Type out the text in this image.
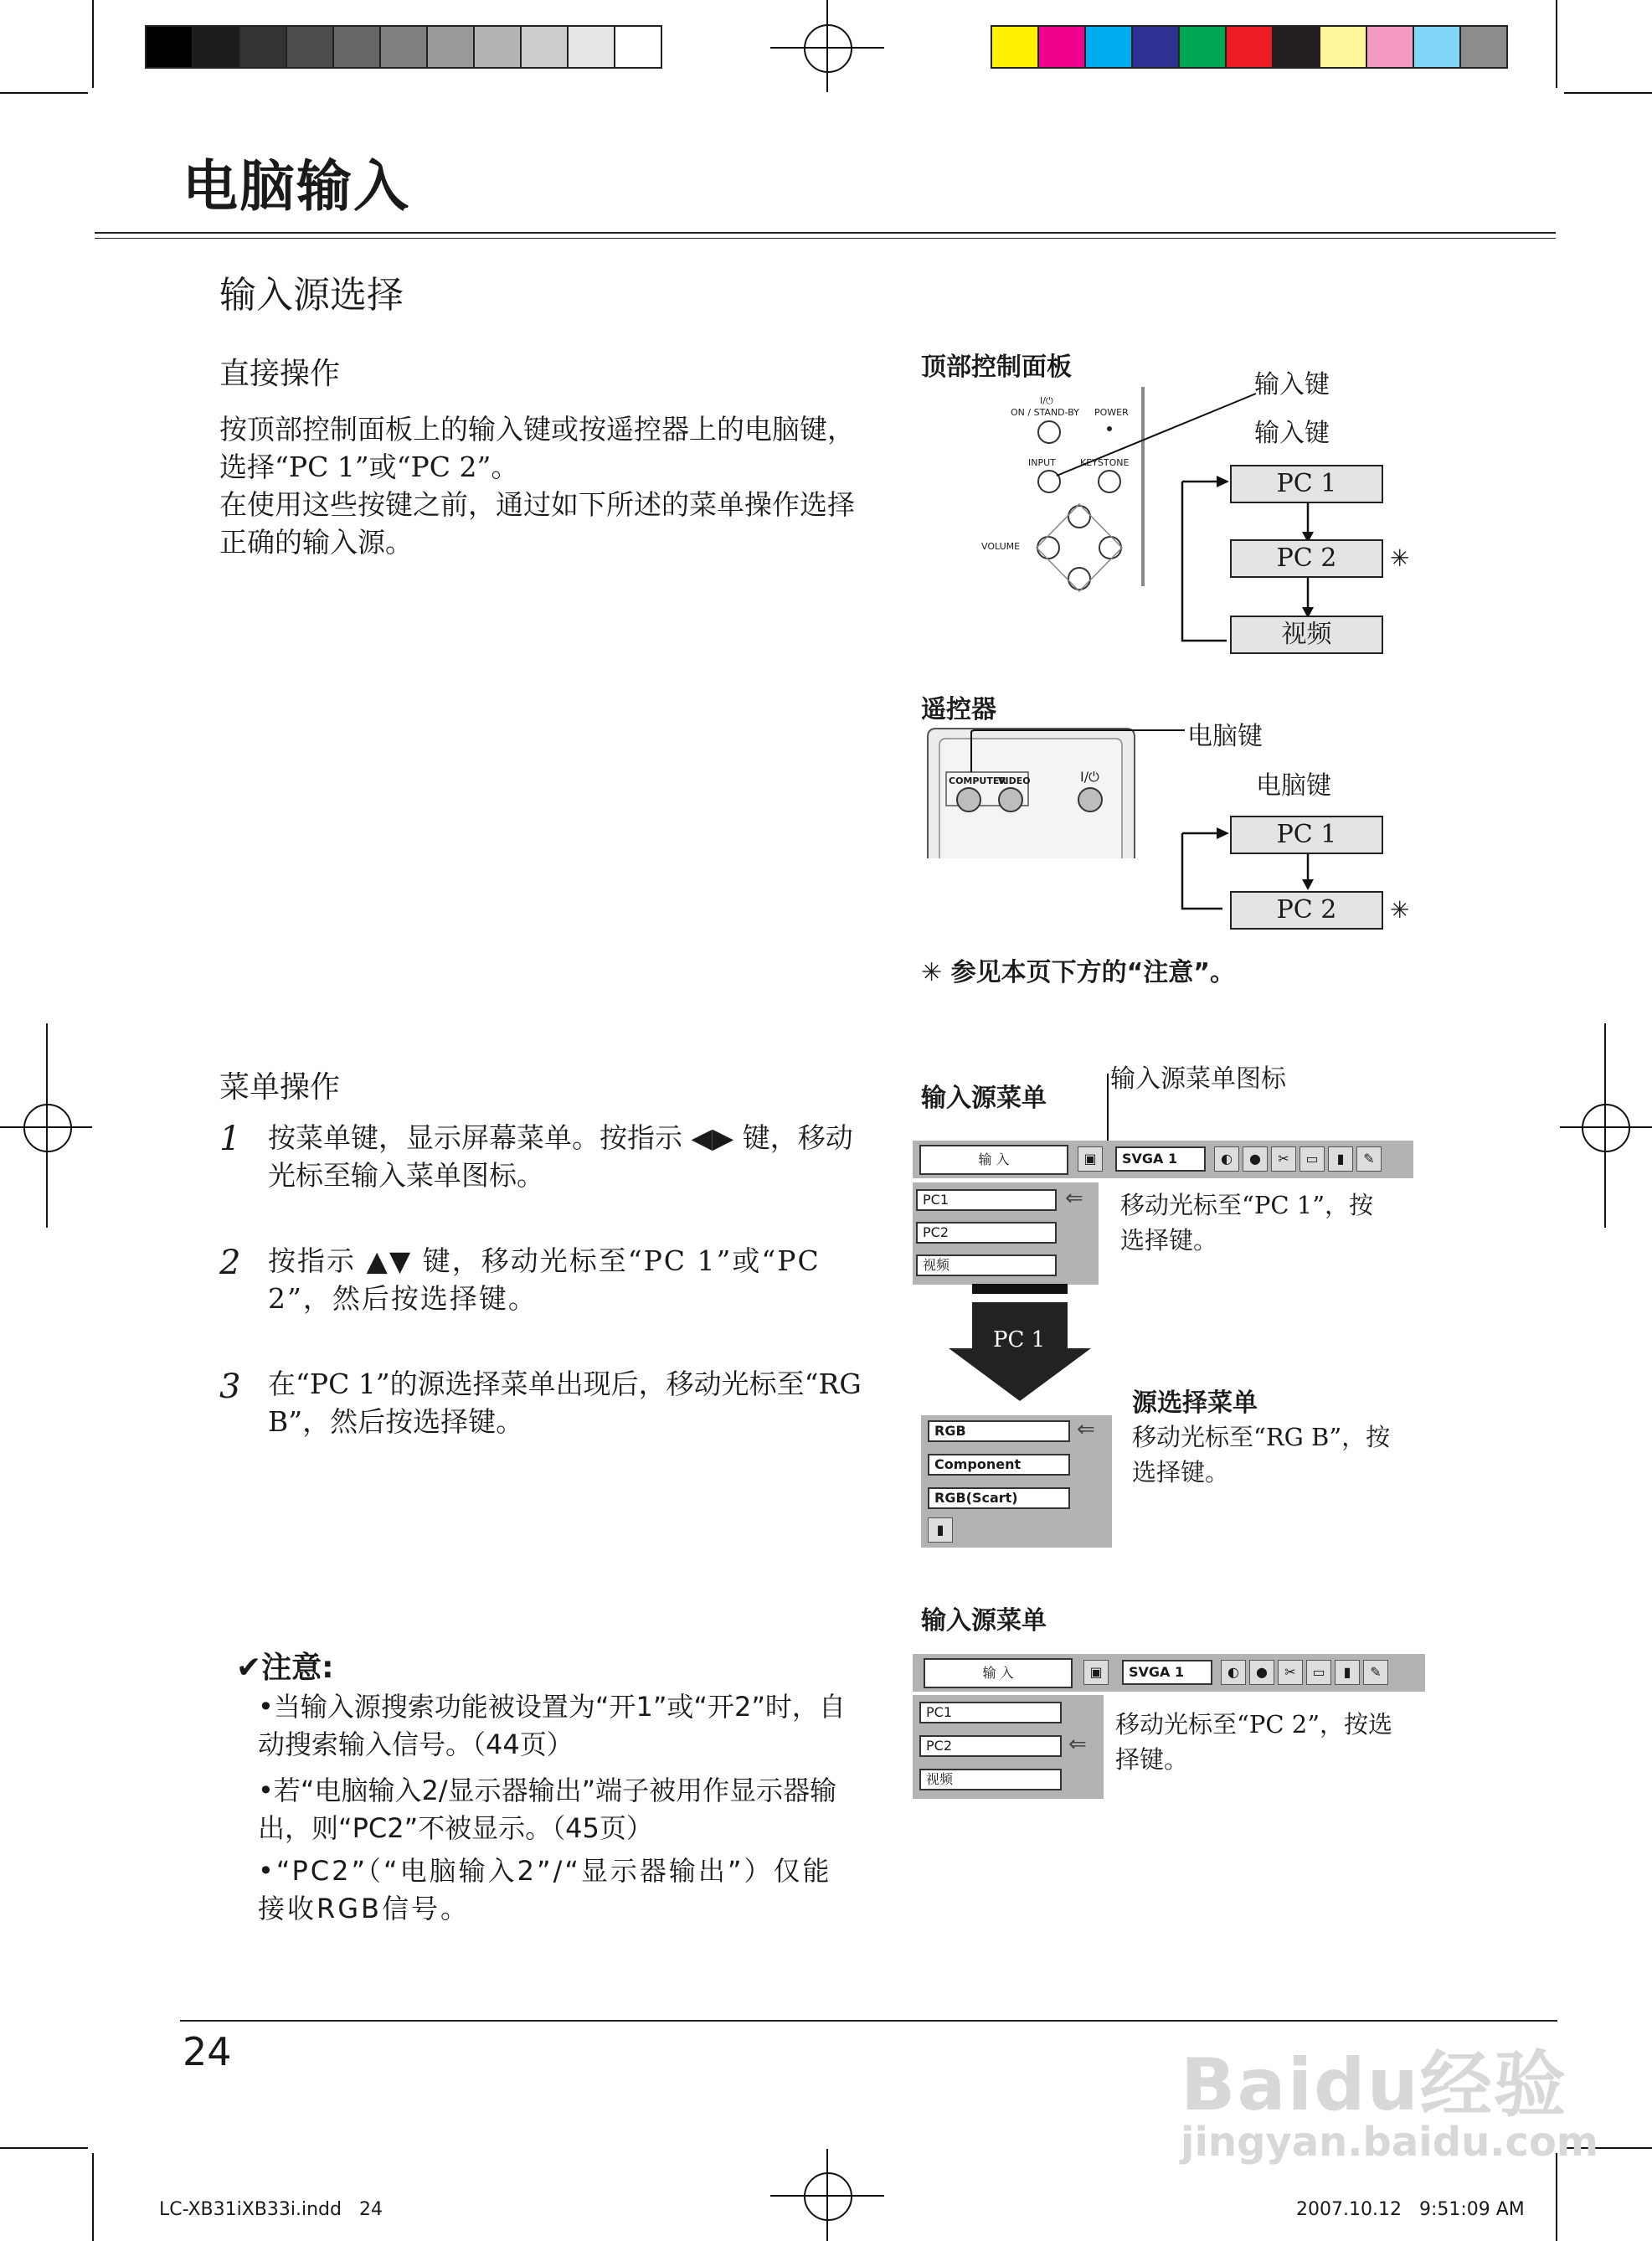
电脑输入
输入源选择
直接操作
按顶部控制面板上的输入键或按遥控器上的电脑键，选择“PC 1”或“PC 2”。
在使用这些按键之前，通过如下所述的菜单操作选择正确的输入源。
顶部控制面板
ON / STAND-BY
I/⏻
POWER
INPUT	KEYSTONE
VOLUME
输入键
输入键
PC 1
PC 2	✳
视频
遥控器
COMPUTER
VIDEO	I/⏻
电脑键
电脑键
PC 1
PC 2	✳
✳ 参见本页下方的“注意”。
菜单操作
1 按菜单键，显示屏幕菜单。按指示 ◀▶ 键，移动光标至输入菜单图标。
2 按指示 ▲▼ 键，移动光标至“PC 1”或“PC 2”，然后按选择键。
3 在“PC 1”的源选择菜单出现后，移动光标至“RG B”，然后按选择键。
输入源菜单
输入源菜单图标
输 入	▣	SVGA 1	◐	●	✂	▭	▮	✎
PC1	⇐
PC2
视频
移动光标至“PC 1”，按选择键。
PC 1
源选择菜单
RGB	⇐
Component
RGB(Scart)
▮
移动光标至“RG B”，按选择键。
输入源菜单
输 入	▣	SVGA 1	◐	●	✂	▭	▮	✎
PC1
PC2	⇐
视频
移动光标至“PC 2”，按选择键。
✔注意:
•当输入源搜索功能被设置为“开1”或“开2”时，自动搜索输入信号。（44页）
•若“电脑输入2/显示器输出”端子被用作显示器输出，则“PC2”不被显示。（45页）
•“PC2”（“电脑输入2”/“显示器输出”）仅能接收RGB信号。
24
LC-XB31iXB33i.indd   24	2007.10.12   9:51:09 AM
Baidu经验
jingyan.baidu.com
